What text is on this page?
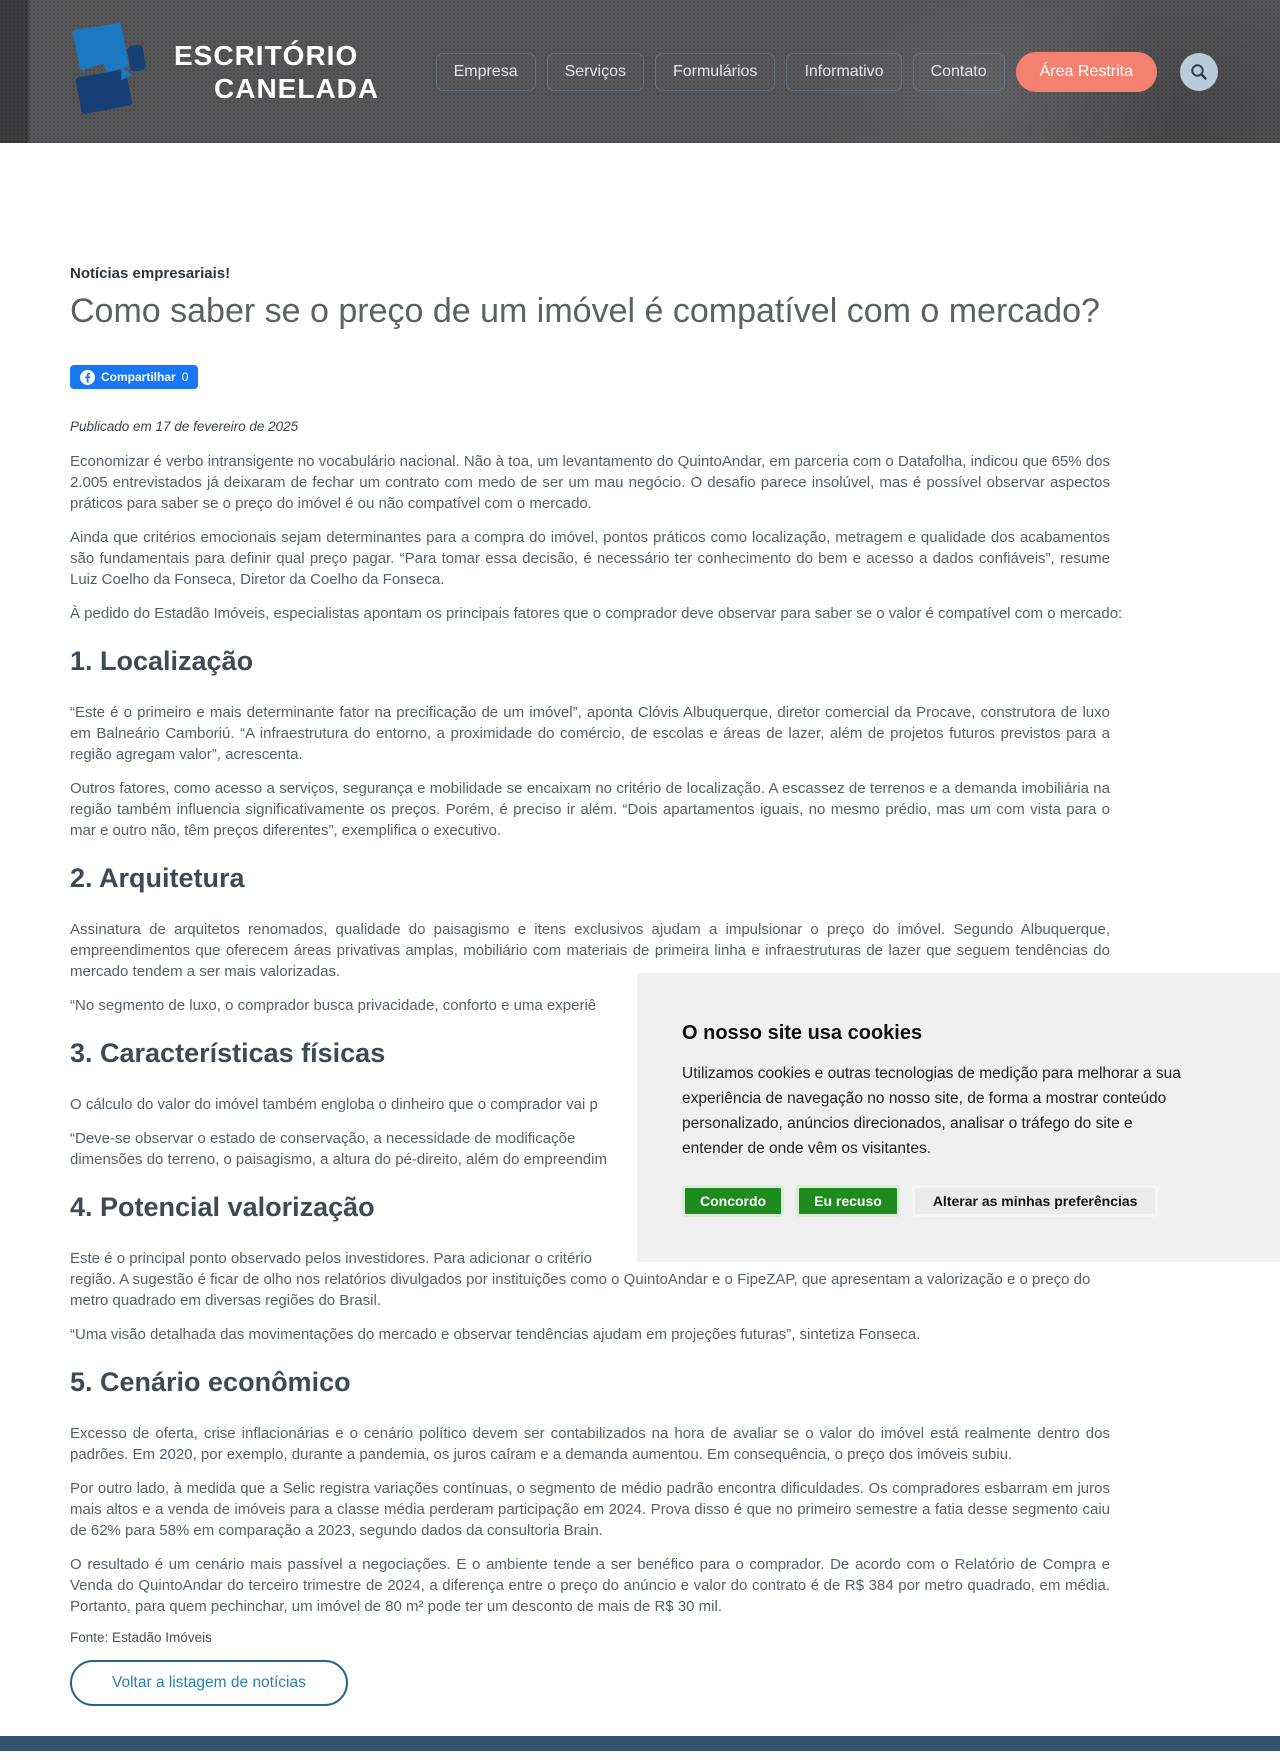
ESCRITÓRIO
CANELADA
Empresa	Serviços	Formulários	Informativo	Contato	Área Restrita
Notícias empresariais!
Como saber se o preço de um imóvel é compatível com o mercado?
Compartilhar 0
Publicado em 17 de fevereiro de 2025

Economizar é verbo intransigente no vocabulário nacional. Não à toa, um levantamento do QuintoAndar, em parceria com o Datafolha, indicou que 65% dos 2.005 entrevistados já deixaram de fechar um contrato com medo de ser um mau negócio. O desafio parece insolúvel, mas é possível observar aspectos práticos para saber se o preço do imóvel é ou não compatível com o mercado.

Ainda que critérios emocionais sejam determinantes para a compra do imóvel, pontos práticos como localização, metragem e qualidade dos acabamentos são fundamentais para definir qual preço pagar. “Para tomar essa decisão, é necessário ter conhecimento do bem e acesso a dados confiáveis”, resume Luiz Coelho da Fonseca, Diretor da Coelho da Fonseca.

À pedido do Estadão Imóveis, especialistas apontam os principais fatores que o comprador deve observar para saber se o valor é compatível com o mercado:

1. Localização

“Este é o primeiro e mais determinante fator na precificação de um imóvel”, aponta Clóvis Albuquerque, diretor comercial da Procave, construtora de luxo em Balneário Camboriú. “A infraestrutura do entorno, a proximidade do comércio, de escolas e áreas de lazer, além de projetos futuros previstos para a região agregam valor”, acrescenta.

Outros fatores, como acesso a serviços, segurança e mobilidade se encaixam no critério de localização. A escassez de terrenos e a demanda imobiliária na região também influencia significativamente os preços. Porém, é preciso ir além. “Dois apartamentos iguais, no mesmo prédio, mas um com vista para o mar e outro não, têm preços diferentes”, exemplifica o executivo.

2. Arquitetura

Assinatura de arquitetos renomados, qualidade do paisagismo e itens exclusivos ajudam a impulsionar o preço do imóvel. Segundo Albuquerque, empreendimentos que oferecem áreas privativas amplas, mobiliário com materiais de primeira linha e infraestruturas de lazer que seguem tendências do mercado tendem a ser mais valorizadas.

“No segmento de luxo, o comprador busca privacidade, conforto e uma experiê

3. Características físicas

O cálculo do valor do imóvel também engloba o dinheiro que o comprador vai p

“Deve-se observar o estado de conservação, a necessidade de modificaçõe
dimensões do terreno, o paisagismo, a altura do pé-direito, além do empreendim

4. Potencial valorização

Este é o principal ponto observado pelos investidores. Para adicionar o critério
região. A sugestão é ficar de olho nos relatórios divulgados por instituições como o QuintoAndar e o FipeZAP, que apresentam a valorização e o preço do
metro quadrado em diversas regiões do Brasil.

“Uma visão detalhada das movimentações do mercado e observar tendências ajudam em projeções futuras”, sintetiza Fonseca.

5. Cenário econômico

Excesso de oferta, crise inflacionárias e o cenário político devem ser contabilizados na hora de avaliar se o valor do imóvel está realmente dentro dos padrões. Em 2020, por exemplo, durante a pandemia, os juros caíram e a demanda aumentou. Em consequência, o preço dos imóveis subiu.

Por outro lado, à medida que a Selic registra variações contínuas, o segmento de médio padrão encontra dificuldades. Os compradores esbarram em juros mais altos e a venda de imóveis para a classe média perderam participação em 2024. Prova disso é que no primeiro semestre a fatia desse segmento caiu de 62% para 58% em comparação a 2023, segundo dados da consultoria Brain.

O resultado é um cenário mais passível a negociações. E o ambiente tende a ser benéfico para o comprador. De acordo com o Relatório de Compra e Venda do QuintoAndar do terceiro trimestre de 2024, a diferença entre o preço do anúncio e valor do contrato é de R$ 384 por metro quadrado, em média. Portanto, para quem pechinchar, um imóvel de 80 m² pode ter um desconto de mais de R$ 30 mil.

Fonte: Estadão Imóveis
Voltar a listagem de notícias
O nosso site usa cookies
Utilizamos cookies e outras tecnologias de medição para melhorar a sua experiência de navegação no nosso site, de forma a mostrar conteúdo personalizado, anúncios direcionados, analisar o tráfego do site e entender de onde vêm os visitantes.
Concordo	Eu recuso	Alterar as minhas preferências
